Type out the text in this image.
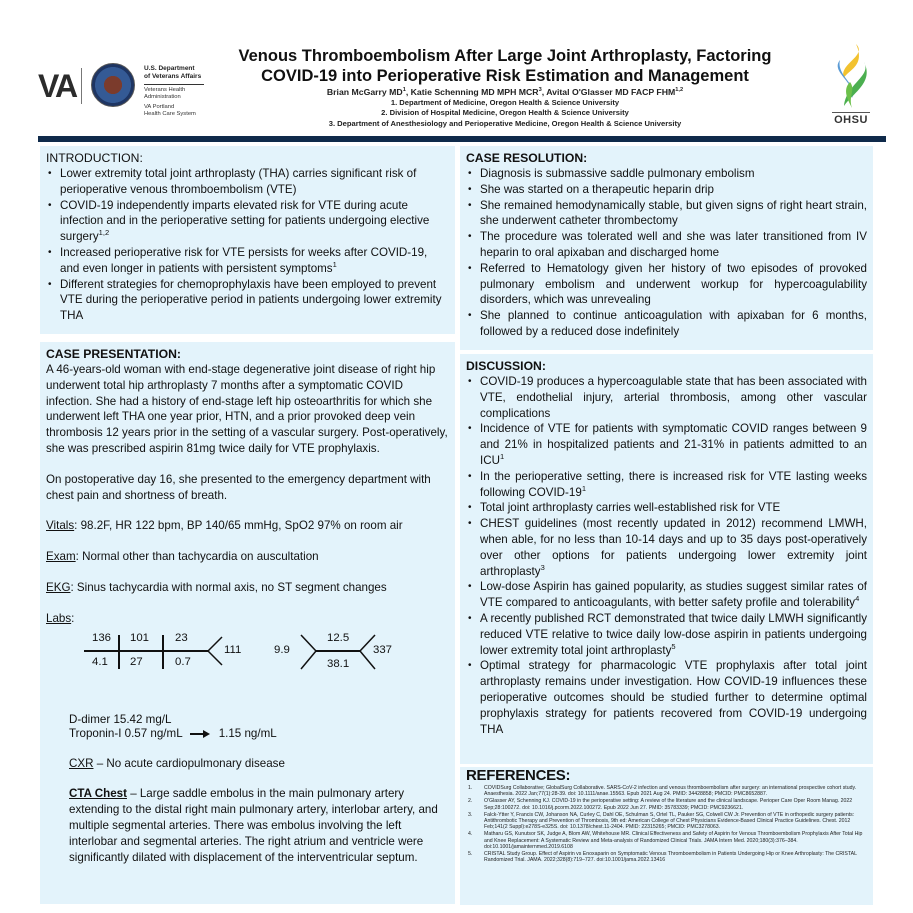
VA	U.S. Department
of Veterans Affairs
Veterans Health
Administration
VA Portland
Health Care System
Venous Thromboembolism After Large Joint Arthroplasty, Factoring
COVID-19 into Perioperative Risk Estimation and Management
Brian McGarry $MD^1$, Katie Schenning MD MPH MCR$^3$, Avital O'Glasser MD FACP FHM$^{1,2}$
1. Department of Medicine, Oregon Health & Science University
2. Division of Hospital Medicine, Oregon Health & Science University
3. Department of Anesthesiology and Perioperative Medicine, Oregon Health & Science University	OHSU
INTRODUCTION:
• Lower extremity total joint arthroplasty (THA) carries significant risk of perioperative venous thromboembolism (VTE)
• COVID-19 independently imparts elevated risk for VTE during acute infection and in the perioperative setting for patients undergoing elective surgery$^{1,2}$
• Increased perioperative risk for VTE persists for weeks after COVID-19, and even longer in patients with persistent symptoms$^1$
• Different strategies for chemoprophylaxis have been employed to prevent VTE during the perioperative period in patients undergoing lower extremity THA
CASE PRESENTATION:

A 46-years-old woman with end-stage degenerative joint disease of right hip underwent total hip arthroplasty 7 months after a symptomatic COVID infection. She had a history of end-stage left hip osteoarthritis for which she underwent left THA one year prior, HTN, and a prior provoked deep vein thrombosis 12 years prior in the setting of a vascular surgery. Post-operatively, she was prescribed aspirin 81mg twice daily for VTE prophylaxis.

On postoperative day 16, she presented to the emergency department with chest pain and shortness of breath.

Vitals: 98.2F, HR 122 bpm, BP 140/65 mmHg, SpO2 97% on room air

Exam: Normal other than tachycardia on auscultation

EKG: Sinus tachycardia with normal axis, no ST segment changes

Labs:

136 101 23
4.1 27	0.7
111	9.9
12.5
38.1
337

D-dimer 15.42 mg/L

Troponin-I 0.57 ng/mL	1.15 ng/mL

CXR – No acute cardiopulmonary disease

CTA Chest – Large saddle embolus in the main pulmonary artery extending to the distal right main pulmonary artery, interlobar artery, and multiple segmental arteries. There was embolus involving the left interlobar and segmental arteries. The right atrium and ventricle were significantly dilated with displacement of the interventricular septum.

CASE RESOLUTION:
• Diagnosis is submassive saddle pulmonary embolism
• She was started on a therapeutic heparin drip
• She remained hemodynamically stable, but given signs of right heart strain, she underwent catheter thrombectomy
• The procedure was tolerated well and she was later transitioned from IV heparin to oral apixaban and discharged home
• Referred to Hematology given her history of two episodes of provoked pulmonary embolism and underwent workup for hypercoagulability disorders, which was unrevealing
• She planned to continue anticoagulation with apixaban for 6 months, followed by a reduced dose indefinitely
DISCUSSION:
• COVID-19 produces a hypercoagulable state that has been associated with VTE, endothelial injury, arterial thrombosis, among other vascular complications
• Incidence of VTE for patients with symptomatic COVID ranges between 9 and 21% in hospitalized patients and 21-31% in patients admitted to an ICU$^1$
• In the perioperative setting, there is increased risk for VTE lasting weeks following COVID-$19^1$
• Total joint arthroplasty carries well-established risk for VTE
• CHEST guidelines (most recently updated in 2012) recommend LMWH, when able, for no less than 10-14 days and up to 35 days post-operatively over other options for patients undergoing lower extremity joint arthroplasty$^3$
• Low-dose Aspirin has gained popularity, as studies suggest similar rates of VTE compared to anticoagulants, with better safety profile and tolerability$^4$
• A recently published RCT demonstrated that twice daily LMWH significantly reduced VTE relative to twice daily low-dose aspirin in patients undergoing lower extremity total joint arthroplasty$^5$
• Optimal strategy for pharmacologic VTE prophylaxis after total joint arthroplasty remains under investigation. How COVID-19 influences these perioperative outcomes should be studied further to determine optimal prophylaxis strategy for patients recovered from COVID-19 undergoing THA
REFERENCES:
1. COVIDSurg Collaborative; GlobalSurg Collaborative. SARS-CoV-2 infection and venous thromboembolism after surgery: an international prospective cohort study. Anaesthesia. 2022 Jan;77(1):28-39. doi: 10.1111/anae.15563. Epub 2021 Aug 24. PMID: 34428858; PMCID: PMC8652887.
2. O'Glasser AY, Schenning KJ. COVID-19 in the perioperative setting: A review of the literature and the clinical landscape. Perioper Care Oper Room Manag. 2022 Sep;28:100272. doi: 10.1016/j.pcorm.2022.100272. Epub 2022 Jun 27. PMID: 35783339; PMCID: PMC9236621.
3. Falck-Ytter Y, Francis CW, Johanson NA, Curley C, Dahl OE, Schulman S, Ortel TL, Pauker SG, Colwell CW Jr. Prevention of VTE in orthopedic surgery patients: Antithrombotic Therapy and Prevention of Thrombosis, 9th ed: American College of Chest Physicians Evidence-Based Clinical Practice Guidelines. Chest. 2012 Feb;141(2 Suppl):e278S-e325S. doi: 10.1378/chest.11-2404. PMID: 22315265; PMCID: PMC3278063.
4. Matharu GS, Kunutsor SK, Judge A, Blom AW, Whitehouse MR. Clinical Effectiveness and Safety of Aspirin for Venous Thromboembolism Prophylaxis After Total Hip and Knee Replacement: A Systematic Review and Meta-analysis of Randomized Clinical Trials. JAMA Intern Med. 2020;180(3):376–384. doi:10.1001/jamainternmed.2019.6108
5. CRISTAL Study Group. Effect of Aspirin vs Enoxaparin on Symptomatic Venous Thromboembolism in Patients Undergoing Hip or Knee Arthroplasty: The CRISTAL Randomized Trial. JAMA. 2022;328(8):719–727. doi:10.1001/jama.2022.13416
